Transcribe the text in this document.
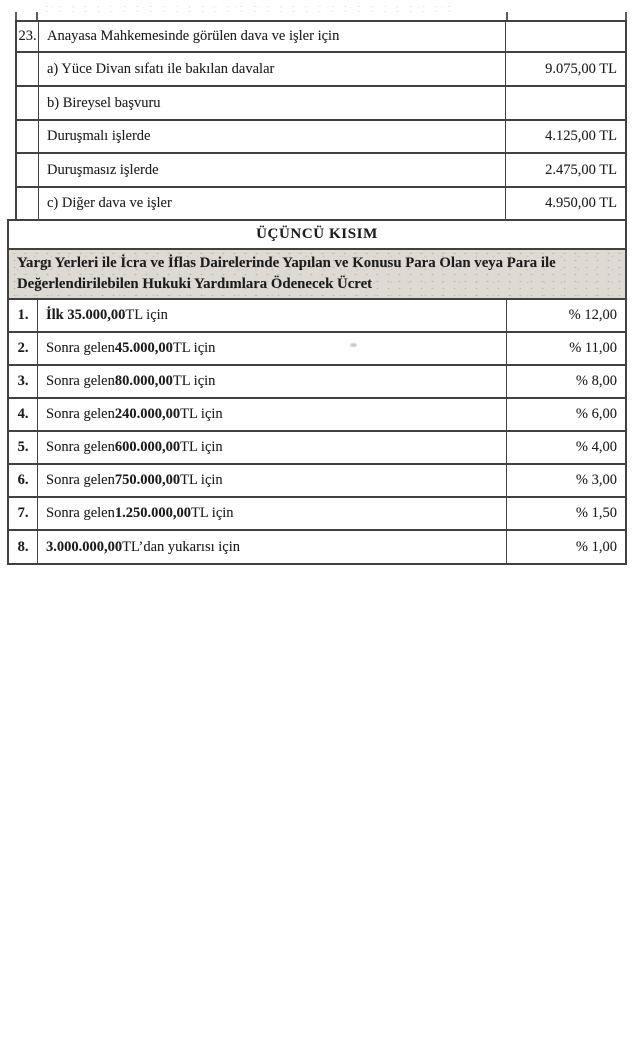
23. Anayasa Mahkemesinde görülen dava ve işler için
a) Yüce Divan sıfatı ile bakılan davalar	9.075,00 TL
b) Bireysel başvuru
Duruşmalı işlerde	4.125,00 TL
Duruşmasız işlerde	2.475,00 TL
c) Diğer dava ve işler	4.950,00 TL
ÜÇÜNCÜ KISIM
Yargı Yerleri ile İcra ve İflas Dairelerinde Yapılan ve Konusu Para Olan veya Para ile Değerlendirilebilen Hukuki Yardımlara Ödenecek Ücret
1.	İlk 35.000,00 TL için	% 12,00
2.	Sonra gelen 45.000,00 TL için	% 11,00
3.	Sonra gelen 80.000,00 TL için	% 8,00
4.	Sonra gelen 240.000,00 TL için	% 6,00
5.	Sonra gelen 600.000,00 TL için	% 4,00
6.	Sonra gelen 750.000,00 TL için	% 3,00
7.	Sonra gelen 1.250.000,00 TL için	% 1,50
8.	3.000.000,00 TL’dan yukarısı için	% 1,00
